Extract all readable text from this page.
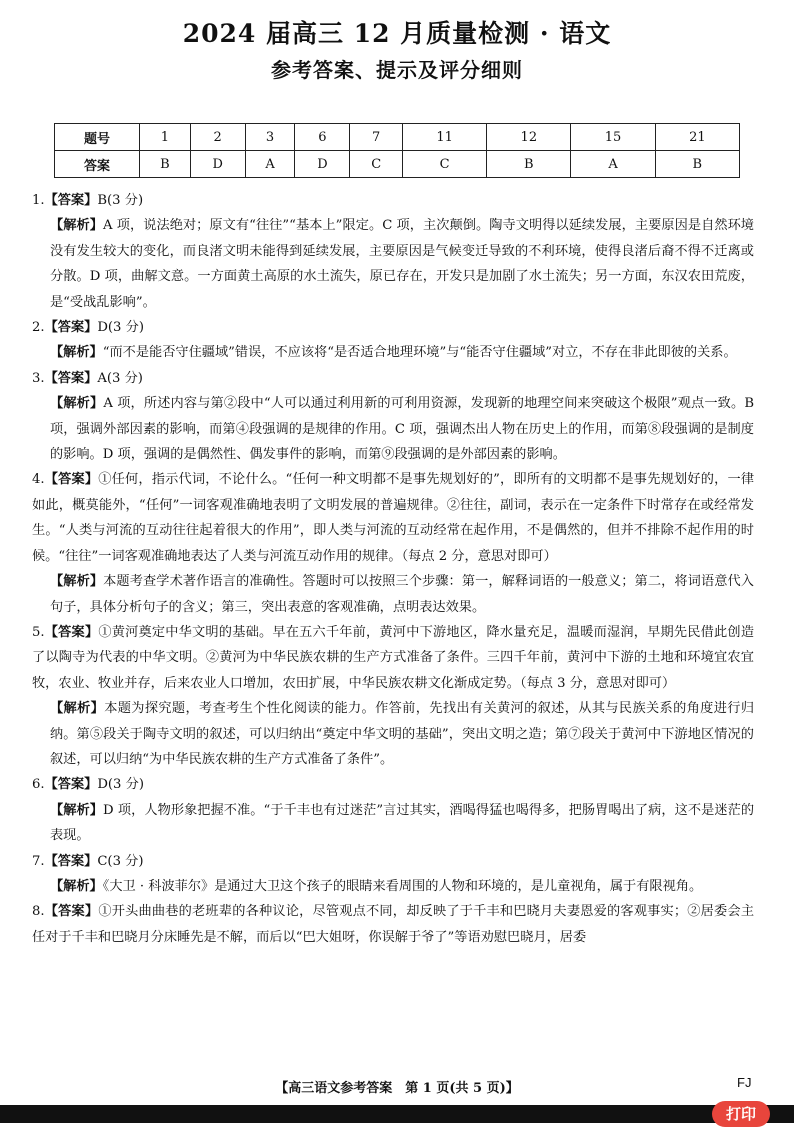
2024 届高三 12 月质量检测 · 语文
参考答案、提示及评分细则
题号	1	2	3	6	7	11	12	15	21
答案	B	D	A	D	C	C	B	A	B

1.【答案】B(3 分)

【解析】A 项，说法绝对；原文有“往往”“基本上”限定。C 项，主次颠倒。陶寺文明得以延续发展，主要原因是自然环境没有发生较大的变化，而良渚文明未能得到延续发展，主要原因是气候变迁导致的不利环境，使得良渚后裔不得不迁离或分散。D 项，曲解文意。一方面黄土高原的水土流失，原已存在，开发只是加剧了水土流失；另一方面，东汉农田荒废，是“受战乱影响”。

2.【答案】D(3 分)

【解析】“而不是能否守住疆域”错误，不应该将“是否适合地理环境”与“能否守住疆域”对立，不存在非此即彼的关系。

3.【答案】A(3 分)

【解析】A 项，所述内容与第②段中“人可以通过利用新的可利用资源，发现新的地理空间来突破这个极限”观点一致。B 项，强调外部因素的影响，而第④段强调的是规律的作用。C 项，强调杰出人物在历史上的作用，而第⑧段强调的是制度的影响。D 项，强调的是偶然性、偶发事件的影响，而第⑨段强调的是外部因素的影响。

4.【答案】①任何，指示代词，不论什么。“任何一种文明都不是事先规划好的”，即所有的文明都不是事先规划好的，一律如此，概莫能外，“任何”一词客观准确地表明了文明发展的普遍规律。②往往，副词，表示在一定条件下时常存在或经常发生。“人类与河流的互动往往起着很大的作用”，即人类与河流的互动经常在起作用，不是偶然的，但并不排除不起作用的时候。“往往”一词客观准确地表达了人类与河流互动作用的规律。（每点 2 分，意思对即可）

【解析】本题考查学术著作语言的准确性。答题时可以按照三个步骤：第一，解释词语的一般意义；第二，将词语意代入句子，具体分析句子的含义；第三，突出表意的客观准确，点明表达效果。

5.【答案】①黄河奠定中华文明的基础。早在五六千年前，黄河中下游地区，降水量充足，温暖而湿润，早期先民借此创造了以陶寺为代表的中华文明。②黄河为中华民族农耕的生产方式准备了条件。三四千年前，黄河中下游的土地和环境宜农宜牧，农业、牧业并存，后来农业人口增加，农田扩展，中华民族农耕文化渐成定势。（每点 3 分，意思对即可）

【解析】本题为探究题，考查考生个性化阅读的能力。作答前，先找出有关黄河的叙述，从其与民族关系的角度进行归纳。第⑤段关于陶寺文明的叙述，可以归纳出“奠定中华文明的基础”，突出文明之造；第⑦段关于黄河中下游地区情况的叙述，可以归纳“为中华民族农耕的生产方式准备了条件”。

6.【答案】D(3 分)

【解析】D 项，人物形象把握不准。“于千丰也有过迷茫”言过其实，酒喝得猛也喝得多，把肠胃喝出了病，这不是迷茫的表现。

7.【答案】C(3 分)

【解析】《大卫 · 科波菲尔》是通过大卫这个孩子的眼睛来看周围的人物和环境的，是儿童视角，属于有限视角。

8.【答案】①开头曲曲巷的老班辈的各种议论，尽管观点不同，却反映了于千丰和巴晓月夫妻恩爱的客观事实；②居委会主任对于千丰和巴晓月分床睡先是不解，而后以“巴大姐呀，你误解于爷了”等语劝慰巴晓月，居委

【高三语文参考答案　第 1 页(共 5 页)】	FJ
打印
